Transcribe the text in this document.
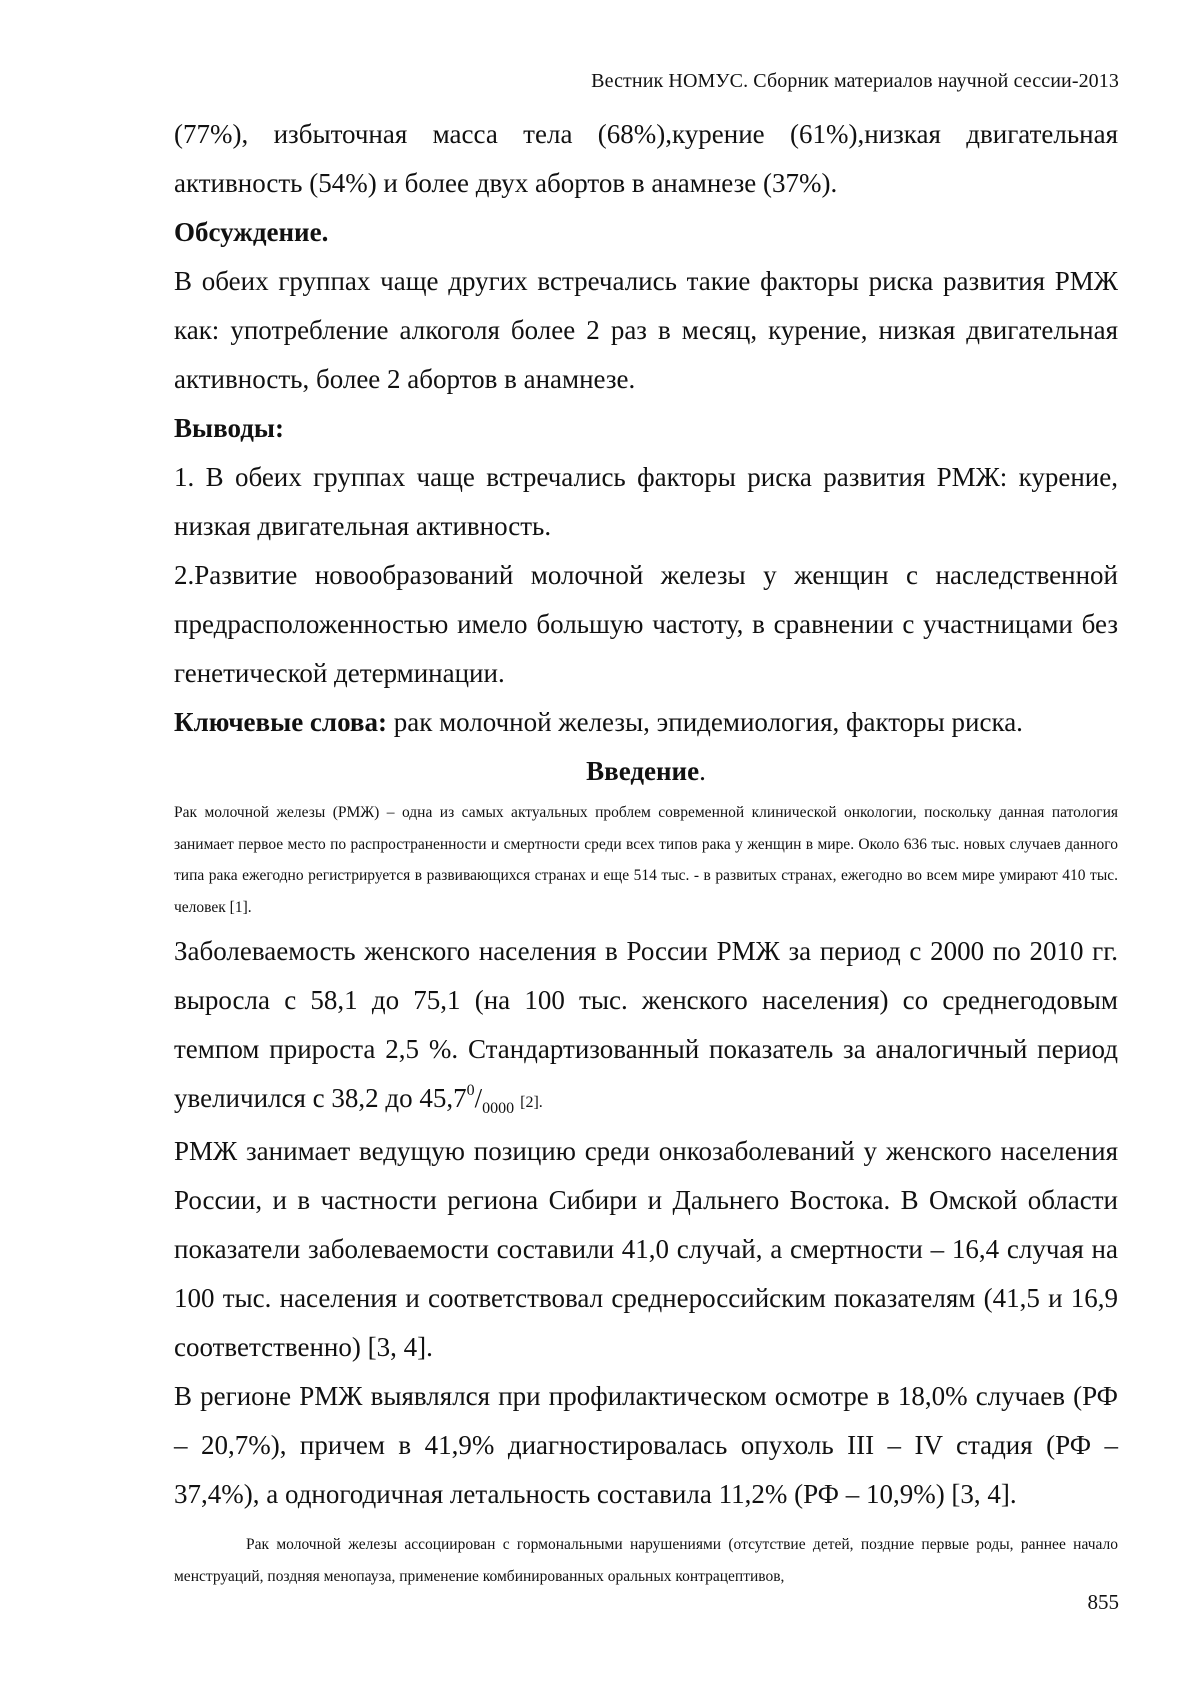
Вестник НОМУС. Сборник материалов научной сессии-2013

(77%), избыточная масса тела (68%),курение (61%),низкая двигательная активность (54%) и более двух абортов в анамнезе (37%).

Обсуждение.

В обеих группах чаще других встречались такие факторы риска развития РМЖ как: употребление алкоголя более 2 раз в месяц, курение, низкая двигательная активность, более 2 абортов в анамнезе.

Выводы:

1. В обеих группах чаще встречались факторы риска развития РМЖ: курение, низкая двигательная активность.

2.Развитие новообразований молочной железы у женщин с наследственной предрасположенностью имело большую частоту, в сравнении с участницами без генетической детерминации.

Ключевые слова: рак молочной железы, эпидемиология, факторы риска.

Введение.

Рак молочной железы (РМЖ) – одна из самых актуальных проблем современной клинической онкологии, поскольку данная патология занимает первое место по распространенности и смертности среди всех типов рака у женщин в мире. Около 636 тыс. новых случаев данного типа рака ежегодно регистрируется в развивающихся странах и еще 514 тыс. - в развитых странах, ежегодно во всем мире умирают 410 тыс. человек [1].

Заболеваемость женского населения в России РМЖ за период с 2000 по 2010 гг. выросла с 58,1 до 75,1 (на 100 тыс. женского населения) со среднегодовым темпом прироста 2,5 %. Стандартизованный показатель за аналогичный период увеличился с 38,2 до $45,7^0/_{0000}$ [2].

РМЖ занимает ведущую позицию среди онкозаболеваний у женского населения России, и в частности региона Сибири и Дальнего Востока. В Омской области показатели заболеваемости составили 41,0 случай, а смертности – 16,4 случая на 100 тыс. населения и соответствовал среднероссийским показателям (41,5 и 16,9 соответственно) [3, 4].

В регионе РМЖ выявлялся при профилактическом осмотре в 18,0% случаев (РФ – 20,7%), причем в 41,9% диагностировалась опухоль III – IV стадия (РФ – 37,4%), а одногодичная летальность составила 11,2% (РФ – 10,9%) [3, 4].

Рак молочной железы ассоциирован с гормональными нарушениями (отсутствие детей, поздние первые роды, раннее начало менструаций, поздняя менопауза, применение комбинированных оральных контрацептивов,

855
